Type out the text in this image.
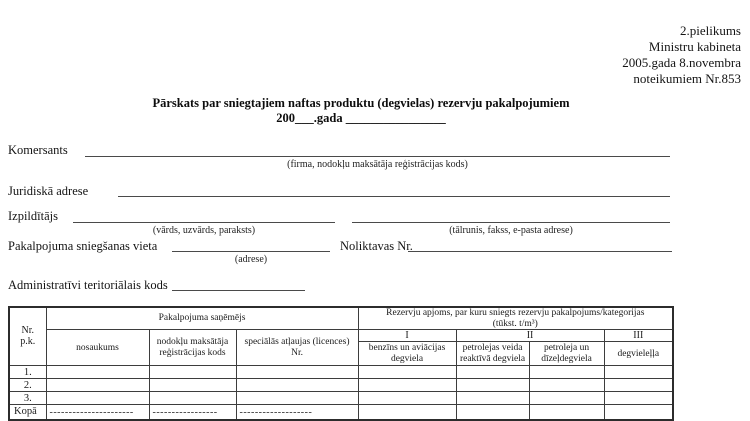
2.pielikums
Ministru kabineta
2005.gada 8.novembra
noteikumiem Nr.853
Pārskats par sniegtajiem naftas produktu (degvielas) rezervju pakalpojumiem
200___.gada ________________
Komersants
(firma, nodokļu maksātāja reģistrācijas kods)
Juridiskā adrese
Izpildītājs
(vārds, uzvārds, paraksts)	(tālrunis, fakss, e-pasta adrese)
Pakalpojuma sniegšanas vieta
(adrese)
Noliktavas Nr.
Administratīvi teritoriālais kods
Nr.
p.k.	Pakalpojuma saņēmējs			Rezervju apjoms, par kuru sniegts rezervju pakalpojums/kategorijas
(tūkst. t/m³)			
	nosaukums	nodokļu maksātāja reģistrācijas kods	speciālās atļaujas (licences) Nr.	I	II		III
				benzīns un aviācijas degviela	petrolejas veida reaktīvā degviela	petroleja un dīzeļdegviela	degvieleļļa
1.							
2.							
3.							
Kopā	----------------------	-----------------	-------------------				
